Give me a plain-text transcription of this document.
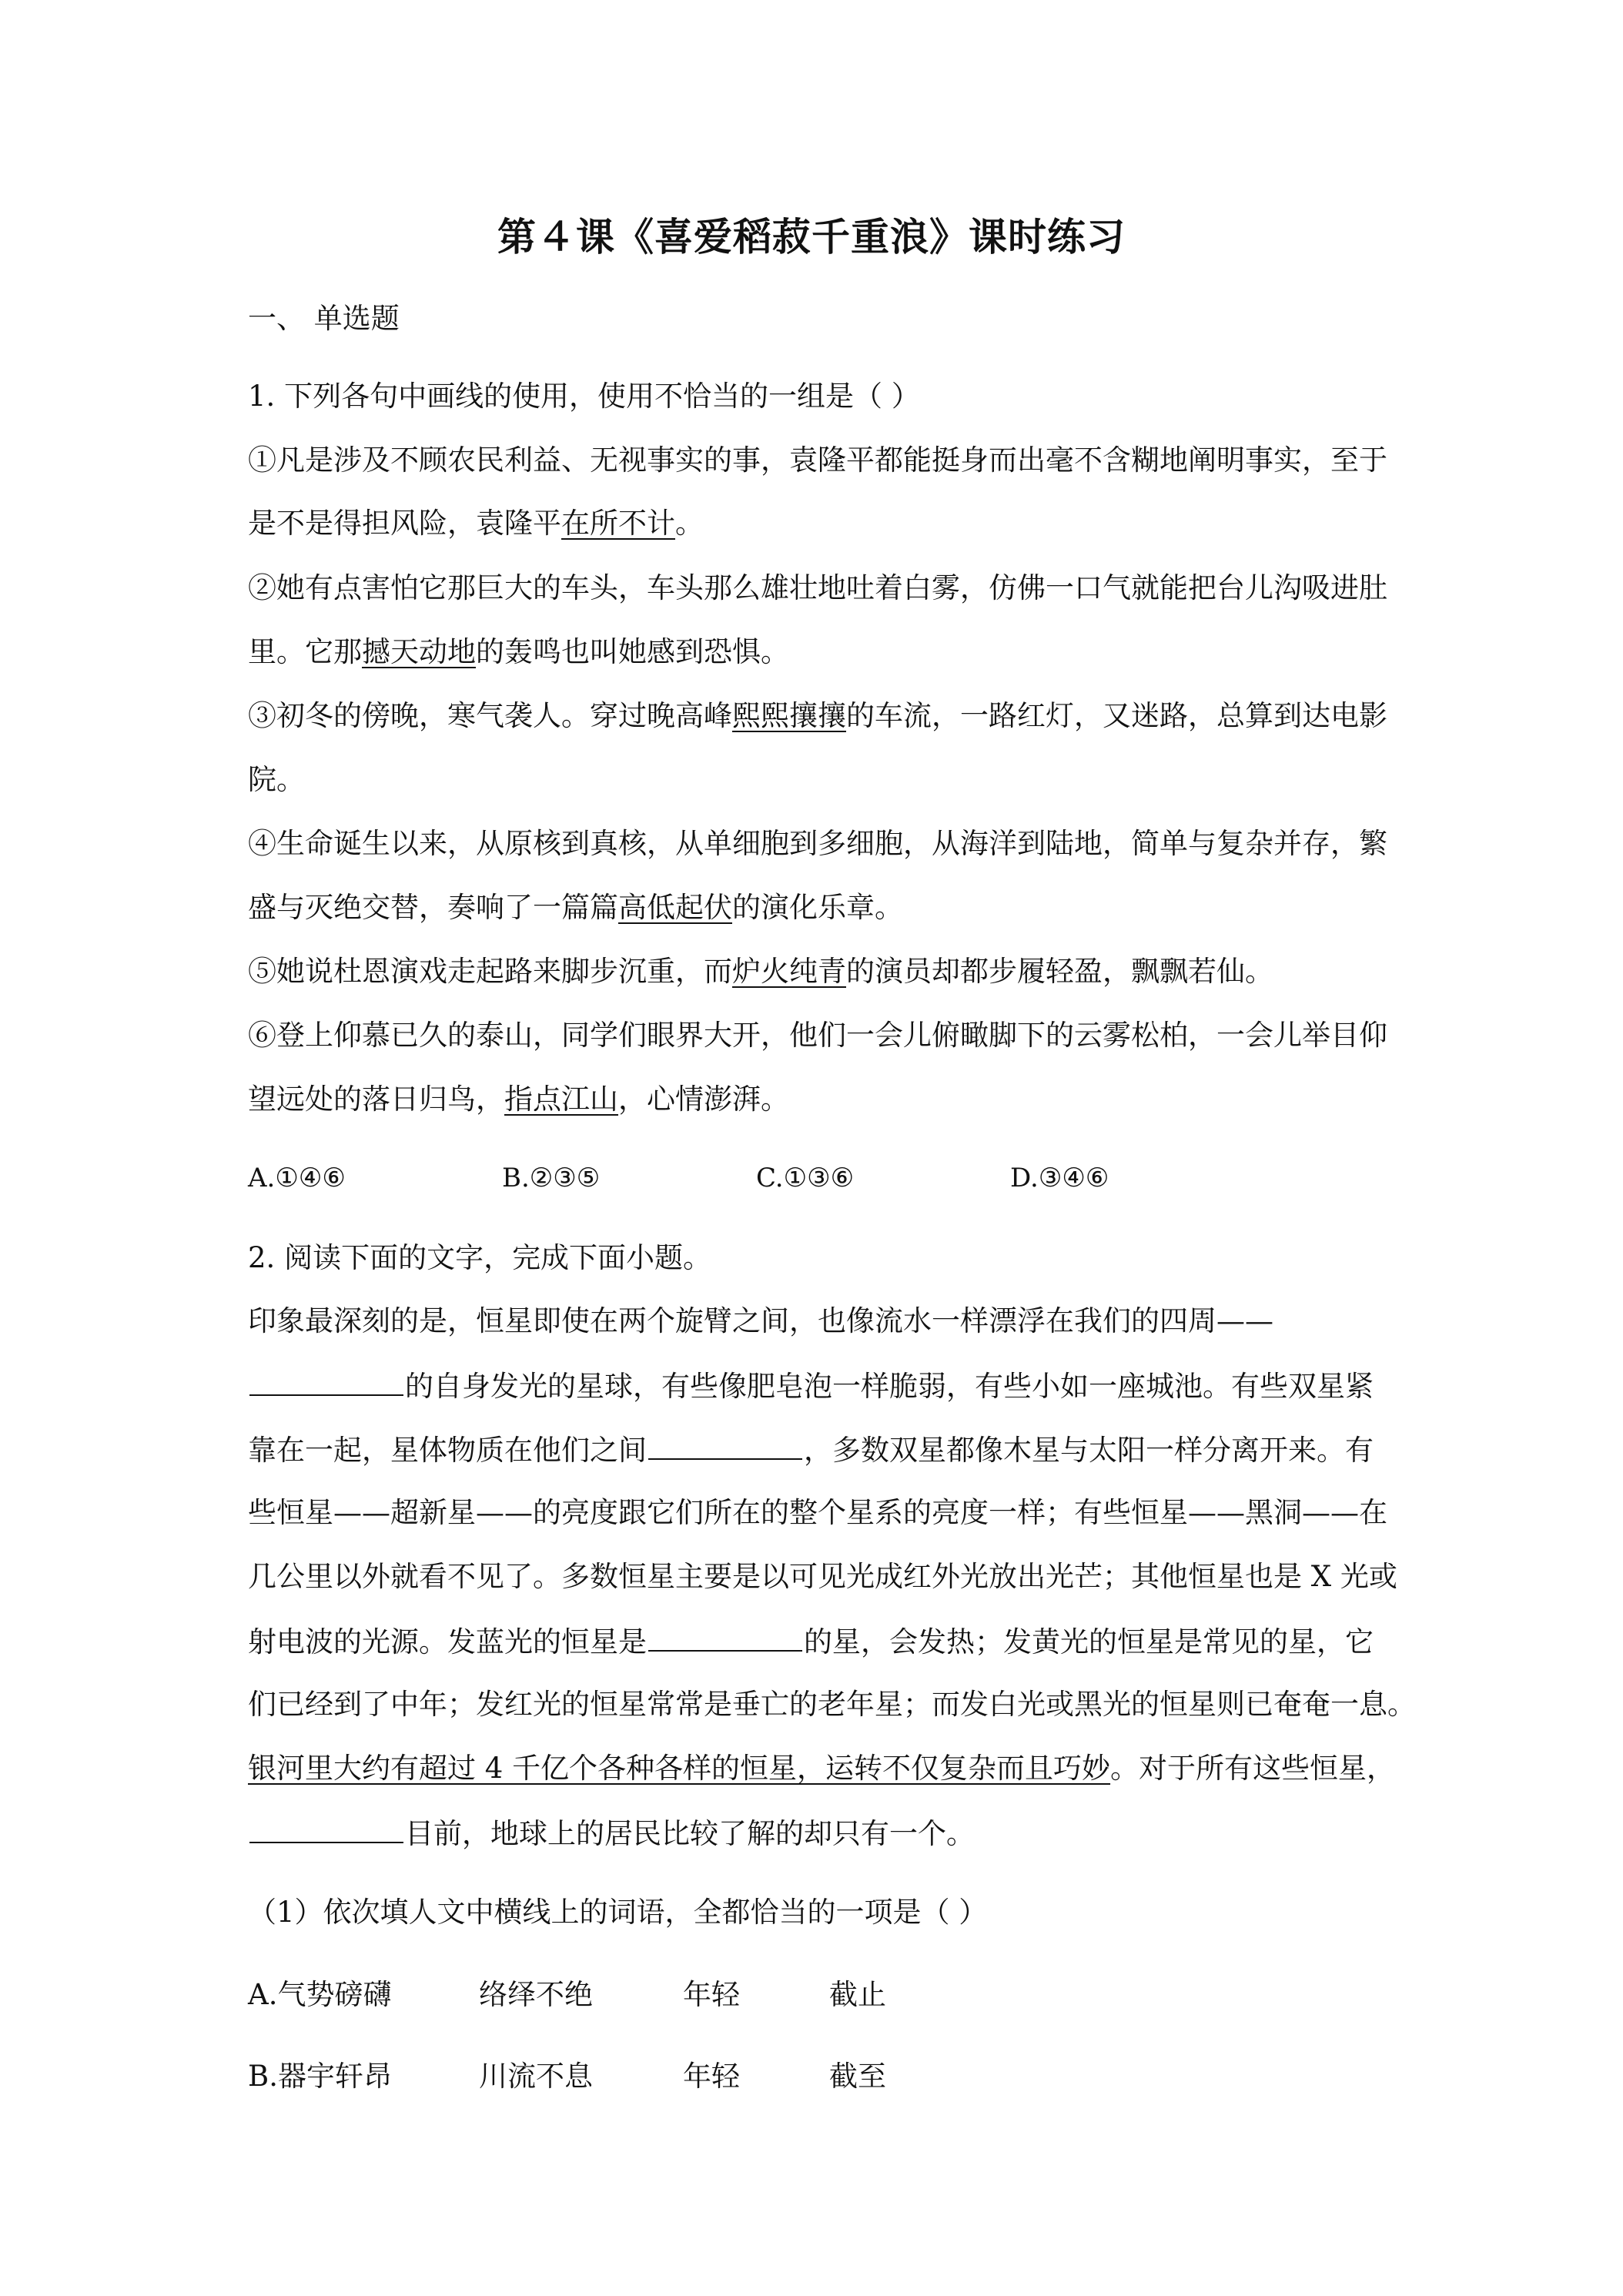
第４课《喜爱稻菽千重浪》课时练习
一、 单选题
1. 下列各句中画线的使用，使用不恰当的一组是（ ）
①凡是涉及不顾农民利益、无视事实的事，袁隆平都能挺身而出毫不含糊地阐明事实，至于
是不是得担风险，袁隆平在所不计。
②她有点害怕它那巨大的车头，车头那么雄壮地吐着白雾，仿佛一口气就能把台儿沟吸进肚
里。它那撼天动地的轰鸣也叫她感到恐惧。
③初冬的傍晚，寒气袭人。穿过晚高峰熙熙攘攘的车流，一路红灯，又迷路，总算到达电影
院。
④生命诞生以来，从原核到真核，从单细胞到多细胞，从海洋到陆地，简单与复杂并存，繁
盛与灭绝交替，奏响了一篇篇高低起伏的演化乐章。
⑤她说杜恩演戏走起路来脚步沉重，而炉火纯青的演员却都步履轻盈，飘飘若仙。
⑥登上仰慕已久的泰山，同学们眼界大开，他们一会儿俯瞰脚下的云雾松柏，一会儿举目仰
望远处的落日归鸟，指点江山，心情澎湃。
A.①④⑥	B.②③⑤	C.①③⑥	D.③④⑥
2. 阅读下面的文字，完成下面小题。
印象最深刻的是，恒星即使在两个旋臂之间，也像流水一样漂浮在我们的四周——
的自身发光的星球，有些像肥皂泡一样脆弱，有些小如一座城池。有些双星紧
靠在一起，星体物质在他们之间	，多数双星都像木星与太阳一样分离开来。有
些恒星——超新星——的亮度跟它们所在的整个星系的亮度一样；有些恒星——黑洞——在
几公里以外就看不见了。多数恒星主要是以可见光成红外光放出光芒；其他恒星也是 X 光或
射电波的光源。发蓝光的恒星是	的星，会发热；发黄光的恒星是常见的星，它
们已经到了中年；发红光的恒星常常是垂亡的老年星；而发白光或黑光的恒星则已奄奄一息。
银河里大约有超过 4 千亿个各种各样的恒星，运转不仅复杂而且巧妙。对于所有这些恒星，
目前，地球上的居民比较了解的却只有一个。
（1）依次填人文中横线上的词语，全都恰当的一项是（ ）
A.气势磅礴	络绎不绝	年轻	截止
B.器宇轩昂	川流不息	年轻	截至
